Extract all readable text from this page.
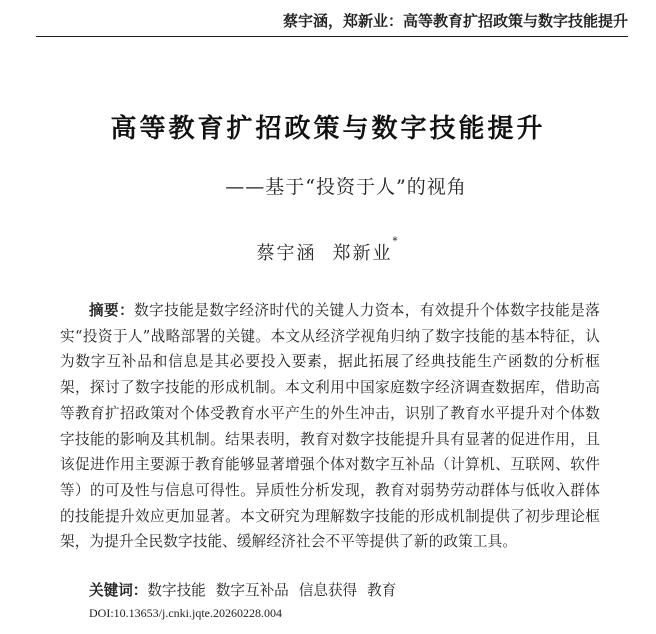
蔡宇涵，郑新业：高等教育扩招政策与数字技能提升
高等教育扩招政策与数字技能提升
——基于“投资于人”的视角
蔡宇涵 郑新业*

摘要：数字技能是数字经济时代的关键人力资本，有效提升个体数字技能是落实“投资于人”战略部署的关键。本文从经济学视角归纳了数字技能的基本特征，认为数字互补品和信息是其必要投入要素，据此拓展了经典技能生产函数的分析框架，探讨了数字技能的形成机制。本文利用中国家庭数字经济调查数据库，借助高等教育扩招政策对个体受教育水平产生的外生冲击，识别了教育水平提升对个体数字技能的影响及其机制。结果表明，教育对数字技能提升具有显著的促进作用，且该促进作用主要源于教育能够显著增强个体对数字互补品（计算机、互联网、软件等）的可及性与信息可得性。异质性分析发现，教育对弱势劳动群体与低收入群体的技能提升效应更加显著。本文研究为理解数字技能的形成机制提供了初步理论框架，为提升全民数字技能、缓解经济社会不平等提供了新的政策工具。

关键词：数字技能 数字互补品 信息获得 教育
DOI:10.13653/j.cnki.jqte.20260228.004
